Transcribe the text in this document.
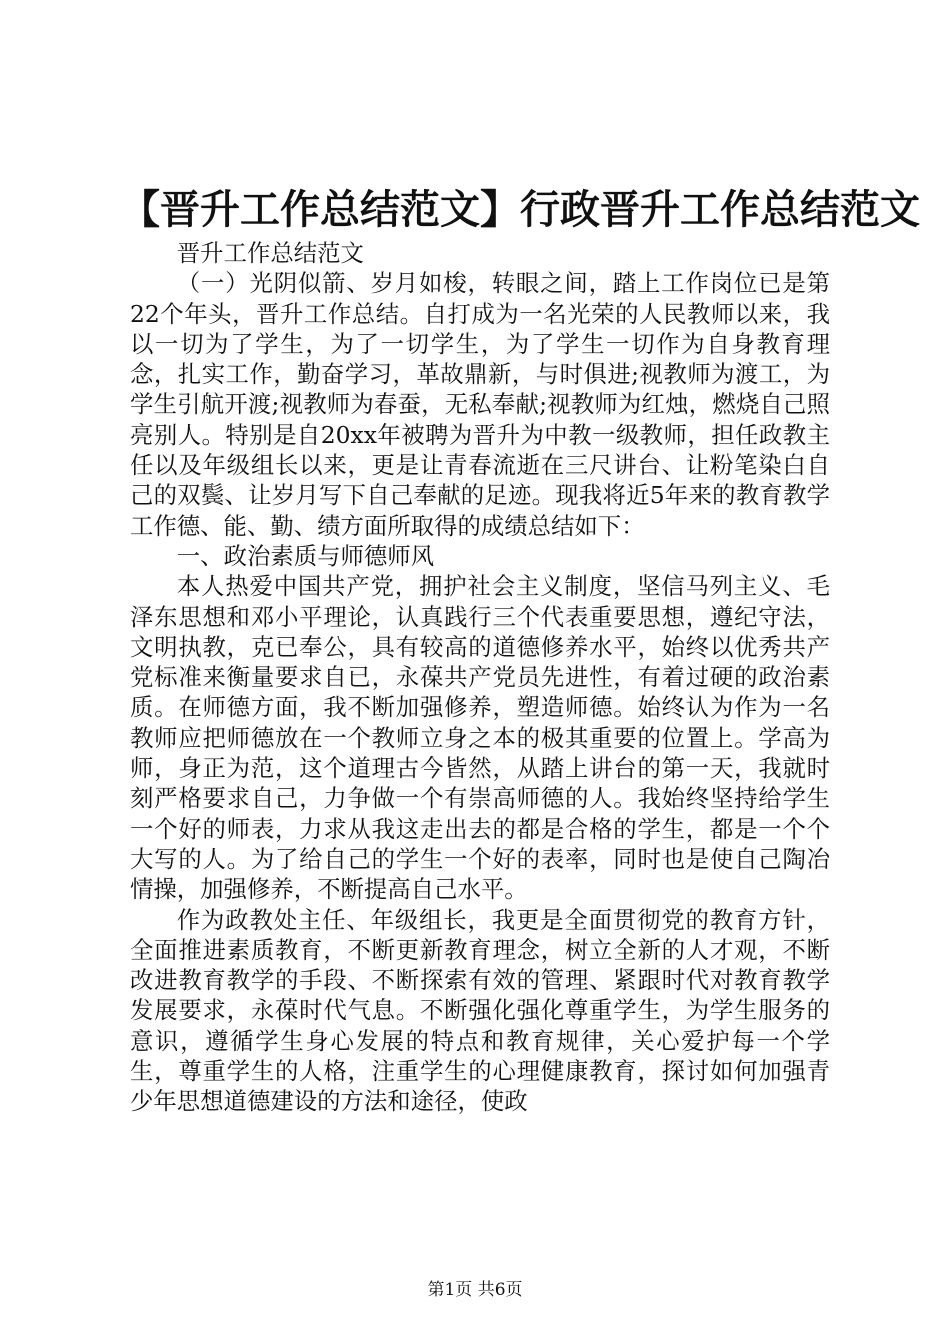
【晋升工作总结范文】行政晋升工作总结范文

晋升工作总结范文

（一）光阴似箭、岁月如梭，转眼之间，踏上工作岗位已是第22个年头，晋升工作总结。自打成为一名光荣的人民教师以来，我以一切为了学生，为了一切学生，为了学生一切作为自身教育理念，扎实工作，勤奋学习，革故鼎新，与时俱进;视教师为渡工，为学生引航开渡;视教师为春蚕，无私奉献;视教师为红烛，燃烧自己照亮别人。特别是自20xx年被聘为晋升为中教一级教师，担任政教主任以及年级组长以来，更是让青春流逝在三尺讲台、让粉笔染白自己的双鬓、让岁月写下自己奉献的足迹。现我将近5年来的教育教学工作德、能、勤、绩方面所取得的成绩总结如下：

一、政治素质与师德师风

本人热爱中国共产党，拥护社会主义制度，坚信马列主义、毛泽东思想和邓小平理论，认真践行三个代表重要思想，遵纪守法，文明执教，克已奉公，具有较高的道德修养水平，始终以优秀共产党标准来衡量要求自已，永葆共产党员先进性，有着过硬的政治素质。在师德方面，我不断加强修养，塑造师德。始终认为作为一名教师应把师德放在一个教师立身之本的极其重要的位置上。学高为师，身正为范，这个道理古今皆然，从踏上讲台的第一天，我就时刻严格要求自己，力争做一个有崇高师德的人。我始终坚持给学生一个好的师表，力求从我这走出去的都是合格的学生，都是一个个大写的人。为了给自己的学生一个好的表率，同时也是使自己陶冶情操，加强修养，不断提高自己水平。

作为政教处主任、年级组长，我更是全面贯彻党的教育方针，全面推进素质教育，不断更新教育理念，树立全新的人才观，不断改进教育教学的手段、不断探索有效的管理、紧跟时代对教育教学发展要求，永葆时代气息。不断强化强化尊重学生，为学生服务的意识，遵循学生身心发展的特点和教育规律，关心爱护每一个学生，尊重学生的人格，注重学生的心理健康教育，探讨如何加强青少年思想道德建设的方法和途径，使政

第1页 共6页
